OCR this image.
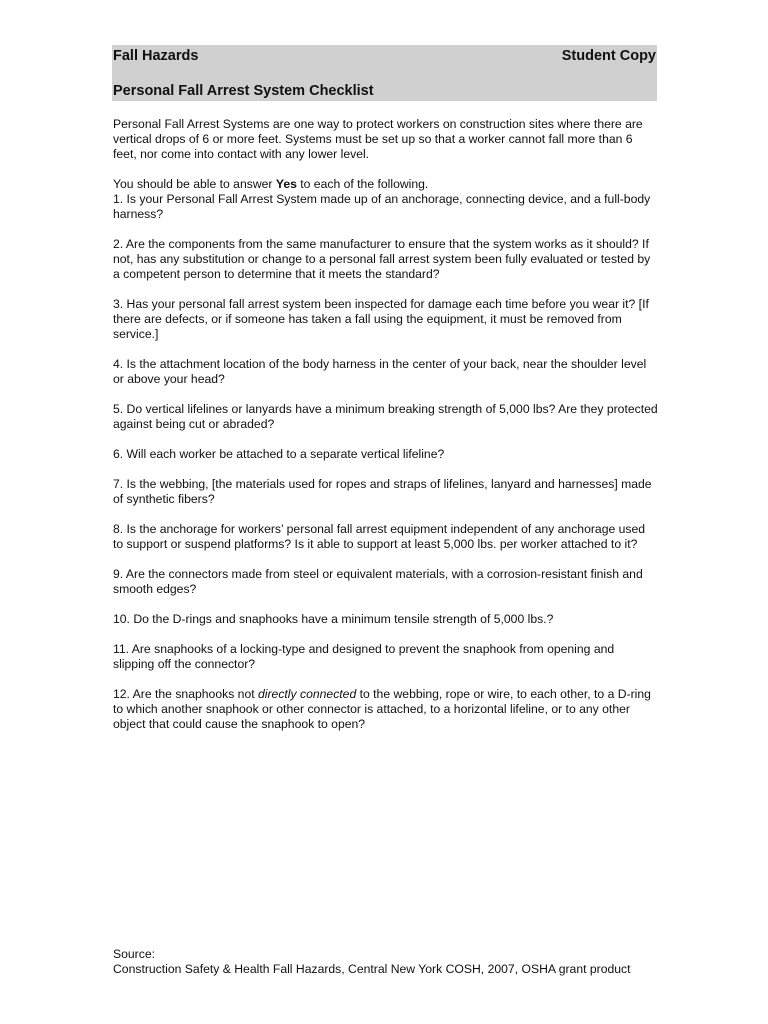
Fall Hazards	Student Copy
Personal Fall Arrest System Checklist

Personal Fall Arrest Systems are one way to protect workers on construction sites where there are vertical drops of 6 or more feet. Systems must be set up so that a worker cannot fall more than 6 feet, nor come into contact with any lower level.

You should be able to answer Yes to each of the following.

1. Is your Personal Fall Arrest System made up of an anchorage, connecting device, and a full-body harness?
2. Are the components from the same manufacturer to ensure that the system works as it should? If not, has any substitution or change to a personal fall arrest system been fully evaluated or tested by a competent person to determine that it meets the standard?
3. Has your personal fall arrest system been inspected for damage each time before you wear it? [If there are defects, or if someone has taken a fall using the equipment, it must be removed from service.]
4. Is the attachment location of the body harness in the center of your back, near the shoulder level or above your head?
5. Do vertical lifelines or lanyards have a minimum breaking strength of 5,000 lbs? Are they protected against being cut or abraded?
6. Will each worker be attached to a separate vertical lifeline?
7. Is the webbing, [the materials used for ropes and straps of lifelines, lanyard and harnesses] made of synthetic fibers?
8. Is the anchorage for workers’ personal fall arrest equipment independent of any anchorage used to support or suspend platforms? Is it able to support at least 5,000 lbs. per worker attached to it?
9. Are the connectors made from steel or equivalent materials, with a corrosion-resistant finish and smooth edges?
10. Do the D-rings and snaphooks have a minimum tensile strength of 5,000 lbs.?
11. Are snaphooks of a locking-type and designed to prevent the snaphook from opening and slipping off the connector?
12. Are the snaphooks not directly connected to the webbing, rope or wire, to each other, to a D-ring to which another snaphook or other connector is attached, to a horizontal lifeline, or to any other object that could cause the snaphook to open?
Source:
Construction Safety & Health Fall Hazards, Central New York COSH, 2007, OSHA grant product
